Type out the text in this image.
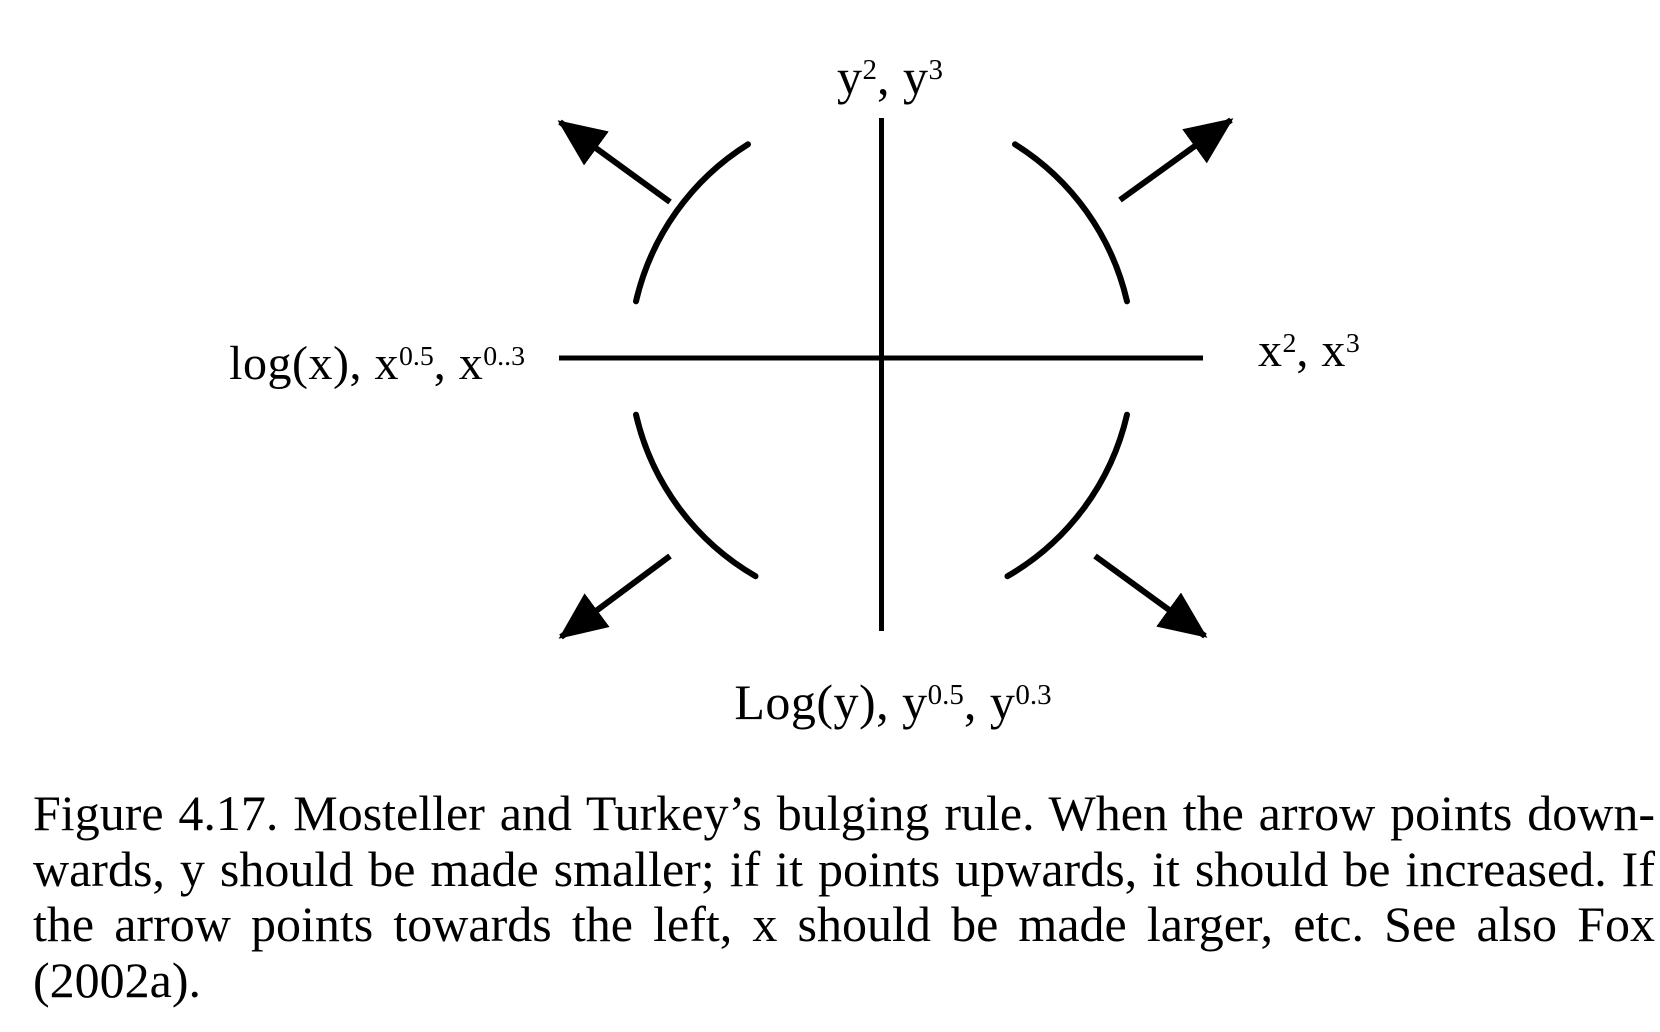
$y^2$, $y^3$
log(x), $x^{0.5}$, $x^{0..3}$	$x^2$, $x^3$
Log(y), $y^{0.5}$, $y^{0.3}$
Figure 4.17. Mosteller and Turkey’s bulging rule. When the arrow points down-
wards, y should be made smaller; if it points upwards, it should be increased. If
the arrow points towards the left, x should be made larger, etc. See also Fox
(2002a).
